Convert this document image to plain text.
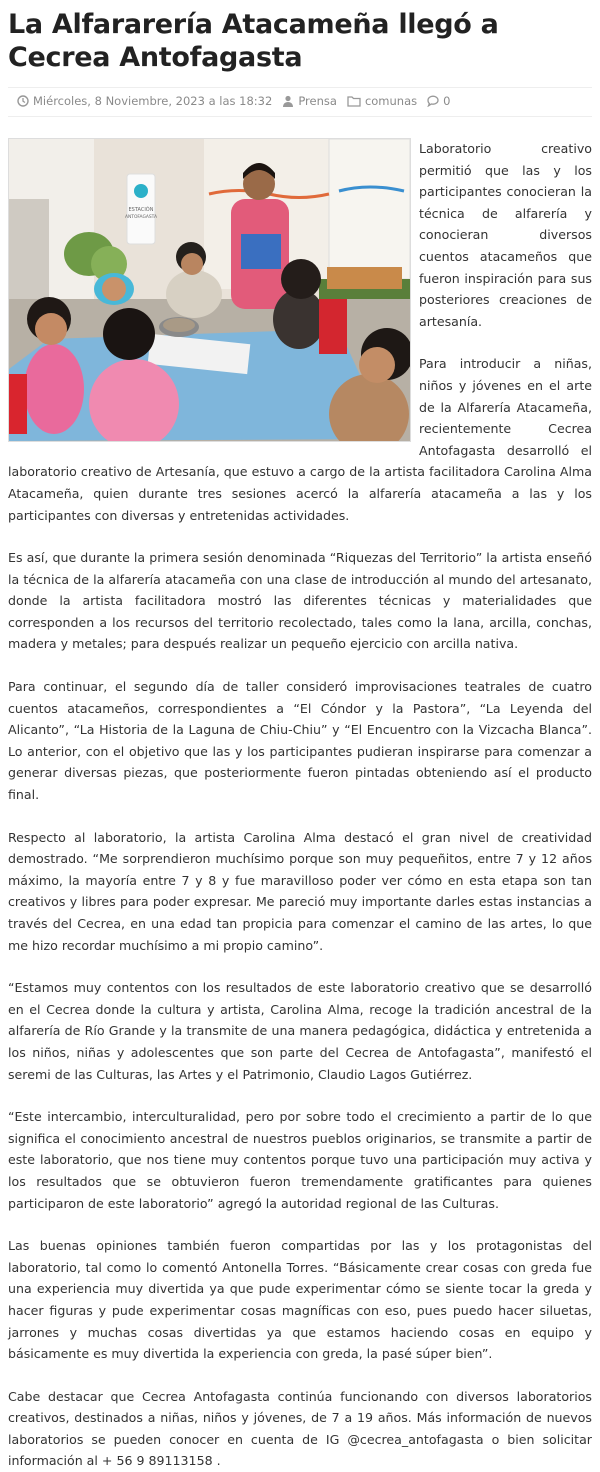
La Alfararería Atacameña llegó a Cecrea Antofagasta
Miércoles, 8 Noviembre, 2023 a las 18:32 Prensa comunas 0
ESTACIÓN
ANTOFAGASTA

Laboratorio creativo permitió que las y los participantes conocieran la técnica de alfarería y conocieran diversos cuentos atacameños que fueron inspiración para sus posteriores creaciones de artesanía.

Para introducir a niñas, niños y jóvenes en el arte de la Alfarería Atacameña, recientemente Cecrea Antofagasta desarrolló el laboratorio creativo de Artesanía, que estuvo a cargo de la artista facilitadora Carolina Alma Atacameña, quien durante tres sesiones acercó la alfarería atacameña a las y los participantes con diversas y entretenidas actividades.

Es así, que durante la primera sesión denominada “Riquezas del Territorio” la artista enseñó la técnica de la alfarería atacameña con una clase de introducción al mundo del artesanato, donde la artista facilitadora mostró las diferentes técnicas y materialidades que corresponden a los recursos del territorio recolectado, tales como la lana, arcilla, conchas, madera y metales; para después realizar un pequeño ejercicio con arcilla nativa.

Para continuar, el segundo día de taller consideró improvisaciones teatrales de cuatro cuentos atacameños, correspondientes a “El Cóndor y la Pastora”, “La Leyenda del Alicanto”, “La Historia de la Laguna de Chiu-Chiu” y “El Encuentro con la Vizcacha Blanca”. Lo anterior, con el objetivo que las y los participantes pudieran inspirarse para comenzar a generar diversas piezas, que posteriormente fueron pintadas obteniendo así el producto final.

Respecto al laboratorio, la artista Carolina Alma destacó el gran nivel de creatividad demostrado. “Me sorprendieron muchísimo porque son muy pequeñitos, entre 7 y 12 años máximo, la mayoría entre 7 y 8 y fue maravilloso poder ver cómo en esta etapa son tan creativos y libres para poder expresar. Me pareció muy importante darles estas instancias a través del Cecrea, en una edad tan propicia para comenzar el camino de las artes, lo que me hizo recordar muchísimo a mi propio camino”.

“Estamos muy contentos con los resultados de este laboratorio creativo que se desarrolló en el Cecrea donde la cultura y artista, Carolina Alma, recoge la tradición ancestral de la alfarería de Río Grande y la transmite de una manera pedagógica, didáctica y entretenida a los niños, niñas y adolescentes que son parte del Cecrea de Antofagasta”, manifestó el seremi de las Culturas, las Artes y el Patrimonio, Claudio Lagos Gutiérrez.

“Este intercambio, interculturalidad, pero por sobre todo el crecimiento a partir de lo que significa el conocimiento ancestral de nuestros pueblos originarios, se transmite a partir de este laboratorio, que nos tiene muy contentos porque tuvo una participación muy activa y los resultados que se obtuvieron fueron tremendamente gratificantes para quienes participaron de este laboratorio” agregó la autoridad regional de las Culturas.

Las buenas opiniones también fueron compartidas por las y los protagonistas del laboratorio, tal como lo comentó Antonella Torres. “Básicamente crear cosas con greda fue una experiencia muy divertida ya que pude experimentar cómo se siente tocar la greda y hacer figuras y pude experimentar cosas magníficas con eso, pues puedo hacer siluetas, jarrones y muchas cosas divertidas ya que estamos haciendo cosas en equipo y básicamente es muy divertida la experiencia con greda, la pasé súper bien”.

Cabe destacar que Cecrea Antofagasta continúa funcionando con diversos laboratorios creativos, destinados a niñas, niños y jóvenes, de 7 a 19 años. Más información de nuevos laboratorios se pueden conocer en cuenta de IG @cecrea_antofagasta o bien solicitar información al + 56 9 89113158 .
